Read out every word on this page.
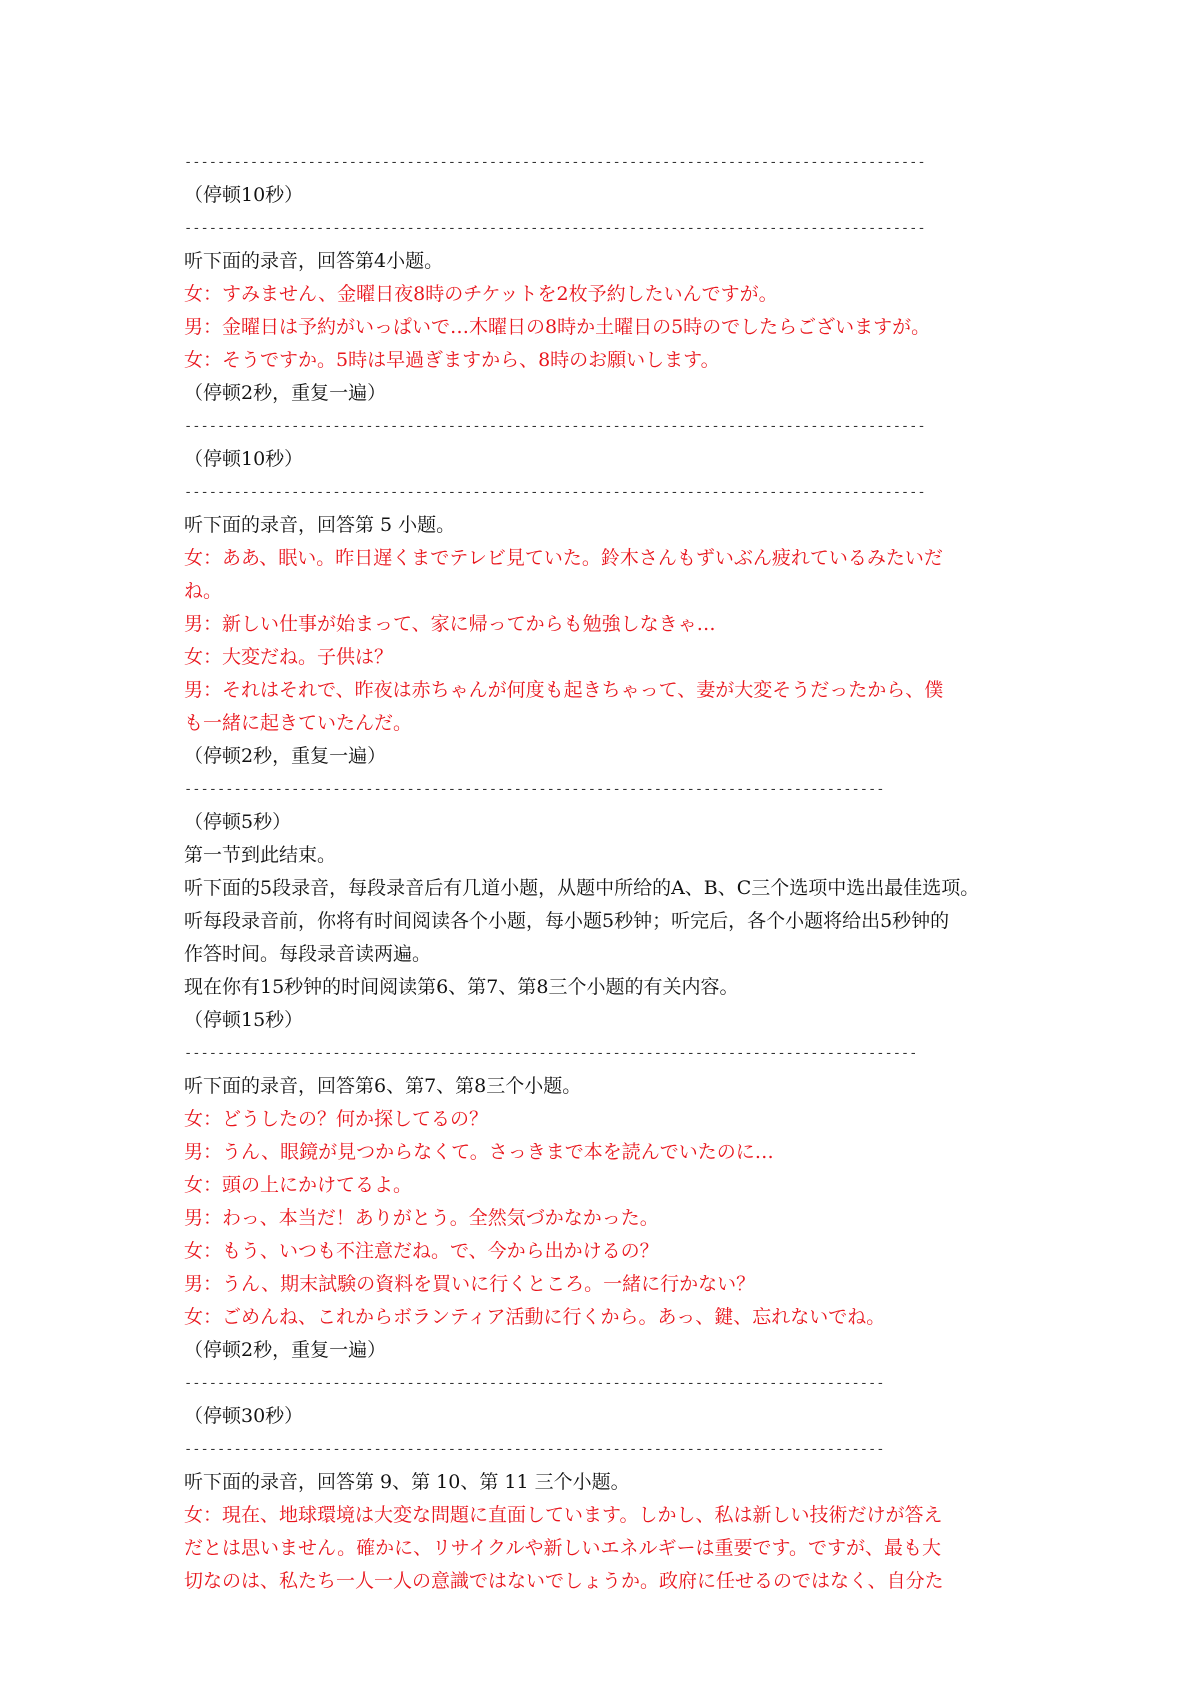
------------------------------------------------------------------------------------------
（停顿10秒）
------------------------------------------------------------------------------------------
听下面的录音，回答第4小题。
女：すみません、金曜日夜8時のチケットを2枚予約したいんですが。
男：金曜日は予約がいっぱいで…木曜日の8時か土曜日の5時のでしたらございますが。
女：そうですか。5時は早過ぎますから、8時のお願いします。
（停顿2秒，重复一遍）
------------------------------------------------------------------------------------------
（停顿10秒）
------------------------------------------------------------------------------------------
听下面的录音，回答第 5 小题。
女：ああ、眠い。昨日遅くまでテレビ見ていた。鈴木さんもずいぶん疲れているみたいだ
ね。
男：新しい仕事が始まって、家に帰ってからも勉強しなきゃ…
女：大変だね。子供は？
男：それはそれで、昨夜は赤ちゃんが何度も起きちゃって、妻が大変そうだったから、僕
も一緒に起きていたんだ。
（停顿2秒，重复一遍）
-------------------------------------------------------------------------------------
（停顿5秒）
第一节到此结束。
听下面的5段录音，每段录音后有几道小题，从题中所给的A、B、C三个选项中选出最佳选项。
听每段录音前，你将有时间阅读各个小题，每小题5秒钟；听完后，各个小题将给出5秒钟的
作答时间。每段录音读两遍。
现在你有15秒钟的时间阅读第6、第7、第8三个小题的有关内容。
（停顿15秒）
-----------------------------------------------------------------------------------------
听下面的录音，回答第6、第7、第8三个小题。
女：どうしたの？何か探してるの？
男：うん、眼鏡が見つからなくて。さっきまで本を読んでいたのに…
女：頭の上にかけてるよ。
男：わっ、本当だ！ありがとう。全然気づかなかった。
女：もう、いつも不注意だね。で、今から出かけるの？
男：うん、期末試験の資料を買いに行くところ。一緒に行かない？
女：ごめんね、これからボランティア活動に行くから。あっ、鍵、忘れないでね。
（停顿2秒，重复一遍）
-------------------------------------------------------------------------------------
（停顿30秒）
-------------------------------------------------------------------------------------
听下面的录音，回答第 9、第 10、第 11 三个小题。
女：現在、地球環境は大変な問題に直面しています。しかし、私は新しい技術だけが答え
だとは思いません。確かに、リサイクルや新しいエネルギーは重要です。ですが、最も大
切なのは、私たち一人一人の意識ではないでしょうか。政府に任せるのではなく、自分た
